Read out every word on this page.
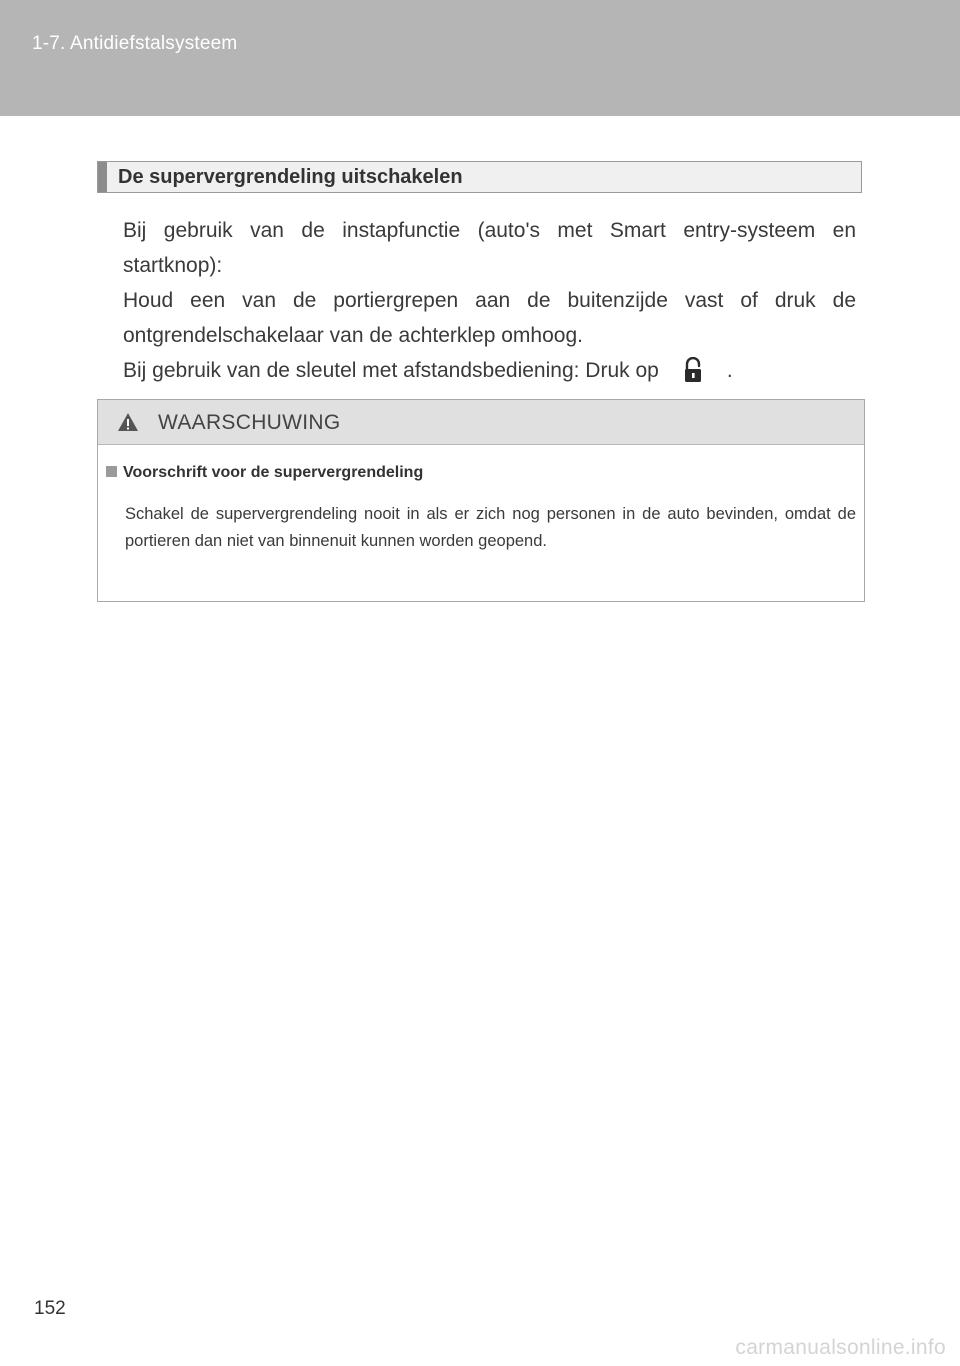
1-7. Antidiefstalsysteem
De supervergrendeling uitschakelen

Bij gebruik van de instapfunctie (auto's met Smart entry-systeem en startknop):

Houd een van de portiergrepen aan de buitenzijde vast of druk de ontgrendelschakelaar van de achterklep omhoog.

Bij gebruik van de sleutel met afstandsbediening: Druk op	.

WAARSCHUWING
Voorschrift voor de supervergrendeling

Schakel de supervergrendeling nooit in als er zich nog personen in de auto bevinden, omdat de portieren dan niet van binnenuit kunnen worden geopend.

152
carmanualsonline.info
